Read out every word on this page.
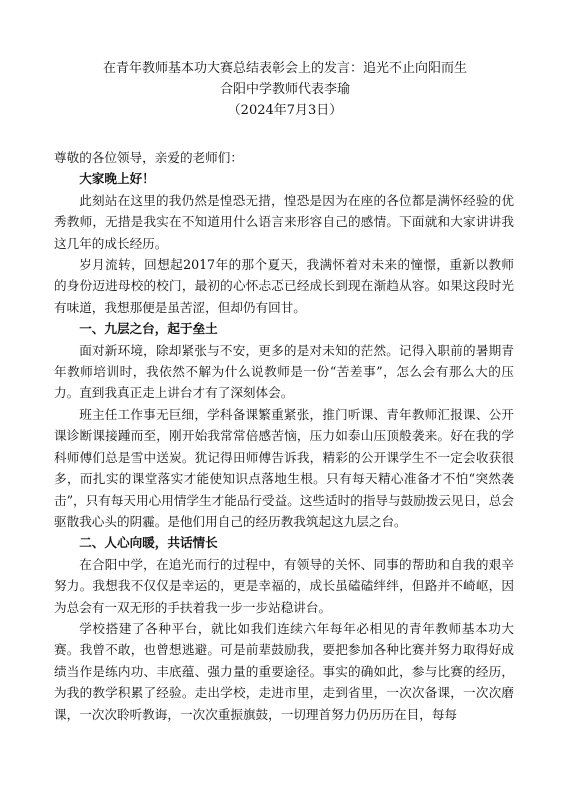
在青年教师基本功大赛总结表彰会上的发言：追光不止向阳而生
合阳中学教师代表李瑜
（2024年7月3日）

尊敬的各位领导，亲爱的老师们：

大家晚上好！

此刻站在这里的我仍然是惶恐无措，惶恐是因为在座的各位都是满怀经验的优秀教师，无措是我实在不知道用什么语言来形容自己的感情。下面就和大家讲讲我这几年的成长经历。

岁月流转，回想起2017年的那个夏天，我满怀着对未来的憧憬，重新以教师的身份迈进母校的校门，最初的心怀忐忑已经成长到现在渐趋从容。如果这段时光有味道，我想那便是虽苦涩，但却仍有回甘。

一、九层之台，起于垒土

面对新环境，除却紧张与不安，更多的是对未知的茫然。记得入职前的暑期青年教师培训时，我依然不解为什么说教师是一份“苦差事”，怎么会有那么大的压力。直到我真正走上讲台才有了深刻体会。

班主任工作事无巨细，学科备课繁重紧张，推门听课、青年教师汇报课、公开课诊断课接踵而至，刚开始我常常倍感苦恼，压力如泰山压顶般袭来。好在我的学科师傅们总是雪中送炭。犹记得田师傅告诉我，精彩的公开课学生不一定会收获很多，而扎实的课堂落实才能使知识点落地生根。只有每天精心准备才不怕“突然袭击”，只有每天用心用情学生才能品行受益。这些适时的指导与鼓励拨云见日，总会驱散我心头的阴霾。是他们用自己的经历教我筑起这九层之台。

二、人心向暖，共话情长

在合阳中学，在追光而行的过程中，有领导的关怀、同事的帮助和自我的艰辛努力。我想我不仅仅是幸运的，更是幸福的，成长虽磕磕绊绊，但路并不崎岖，因为总会有一双无形的手扶着我一步一步站稳讲台。

学校搭建了各种平台，就比如我们连续六年每年必相见的青年教师基本功大赛。我曾不敢，也曾想逃避。可是前辈鼓励我，要把参加各种比赛并努力取得好成绩当作是练内功、丰底蕴、强力量的重要途径。事实的确如此，参与比赛的经历，为我的教学积累了经验。走出学校，走进市里，走到省里，一次次备课，一次次磨课，一次次聆听教诲，一次次重振旗鼓，一切理首努力仍历历在目，每每
